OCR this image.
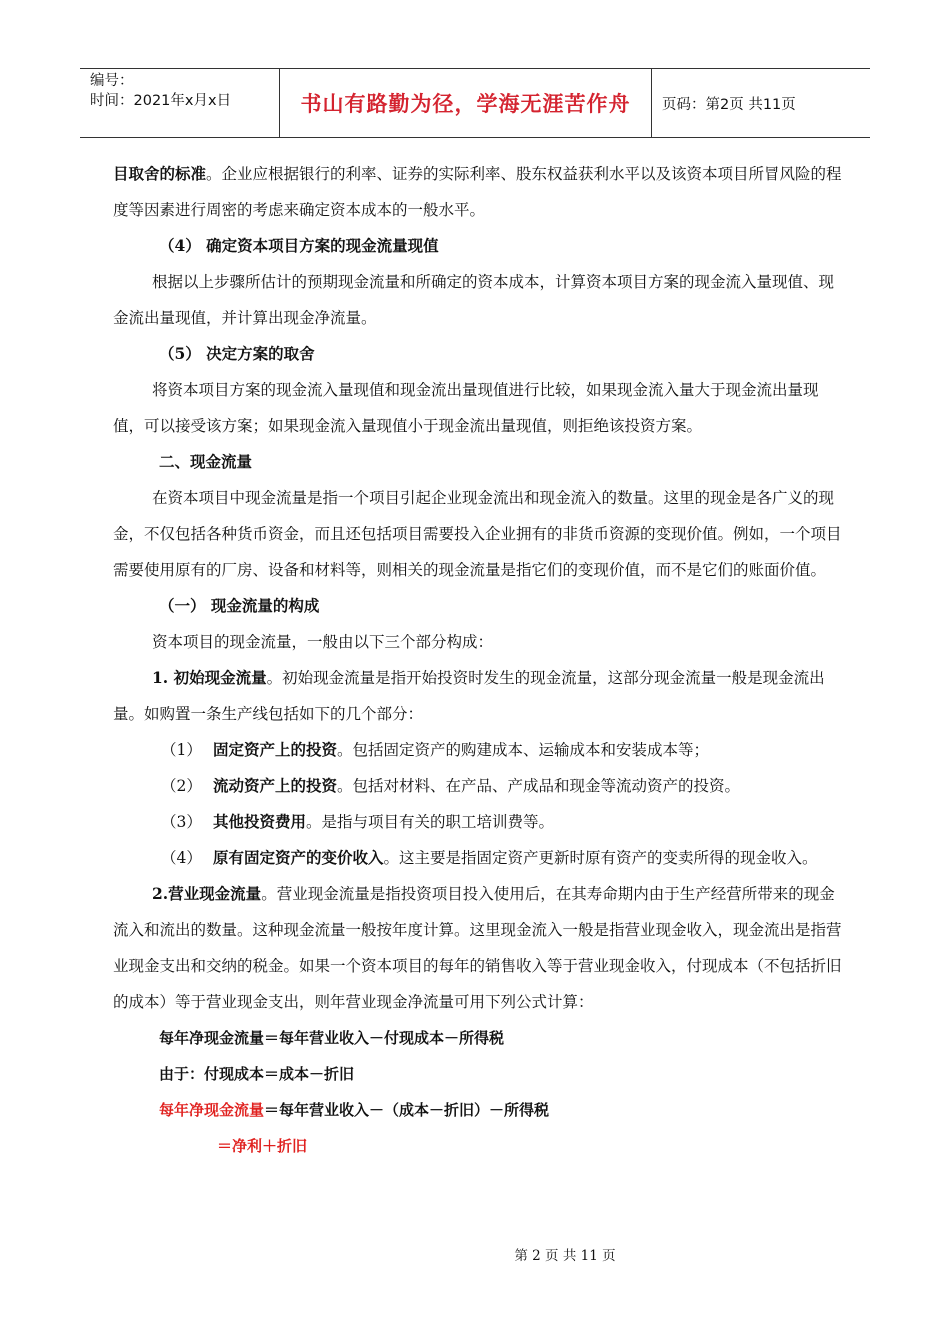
编号：
时间：2021年x月x日	书山有路勤为径，学海无涯苦作舟	页码：第2页 共11页

目取舍的标准。企业应根据银行的利率、证券的实际利率、股东权益获利水平以及该资本项目所冒风险的程度等因素进行周密的考虑来确定资本成本的一般水平。

（4） 确定资本项目方案的现金流量现值

根据以上步骤所估计的预期现金流量和所确定的资本成本，计算资本项目方案的现金流入量现值、现金流出量现值，并计算出现金净流量。

（5） 决定方案的取舍

将资本项目方案的现金流入量现值和现金流出量现值进行比较，如果现金流入量大于现金流出量现值，可以接受该方案；如果现金流入量现值小于现金流出量现值，则拒绝该投资方案。

二、现金流量

在资本项目中现金流量是指一个项目引起企业现金流出和现金流入的数量。这里的现金是各广义的现金，不仅包括各种货币资金，而且还包括项目需要投入企业拥有的非货币资源的变现价值。例如，一个项目需要使用原有的厂房、设备和材料等，则相关的现金流量是指它们的变现价值，而不是它们的账面价值。

（一） 现金流量的构成

资本项目的现金流量，一般由以下三个部分构成：

1. 初始现金流量。初始现金流量是指开始投资时发生的现金流量，这部分现金流量一般是现金流出量。如购置一条生产线包括如下的几个部分：

（1） 固定资产上的投资。包括固定资产的购建成本、运输成本和安装成本等；

（2） 流动资产上的投资。包括对材料、在产品、产成品和现金等流动资产的投资。

（3） 其他投资费用。是指与项目有关的职工培训费等。

（4） 原有固定资产的变价收入。这主要是指固定资产更新时原有资产的变卖所得的现金收入。

2.营业现金流量。营业现金流量是指投资项目投入使用后，在其寿命期内由于生产经营所带来的现金流入和流出的数量。这种现金流量一般按年度计算。这里现金流入一般是指营业现金收入，现金流出是指营业现金支出和交纳的税金。如果一个资本项目的每年的销售收入等于营业现金收入，付现成本（不包括折旧的成本）等于营业现金支出，则年营业现金净流量可用下列公式计算：

每年净现金流量＝每年营业收入－付现成本－所得税

由于：付现成本＝成本－折旧

每年净现金流量＝每年营业收入－（成本－折旧）－所得税

＝净利＋折旧

第 2 页 共 11 页
